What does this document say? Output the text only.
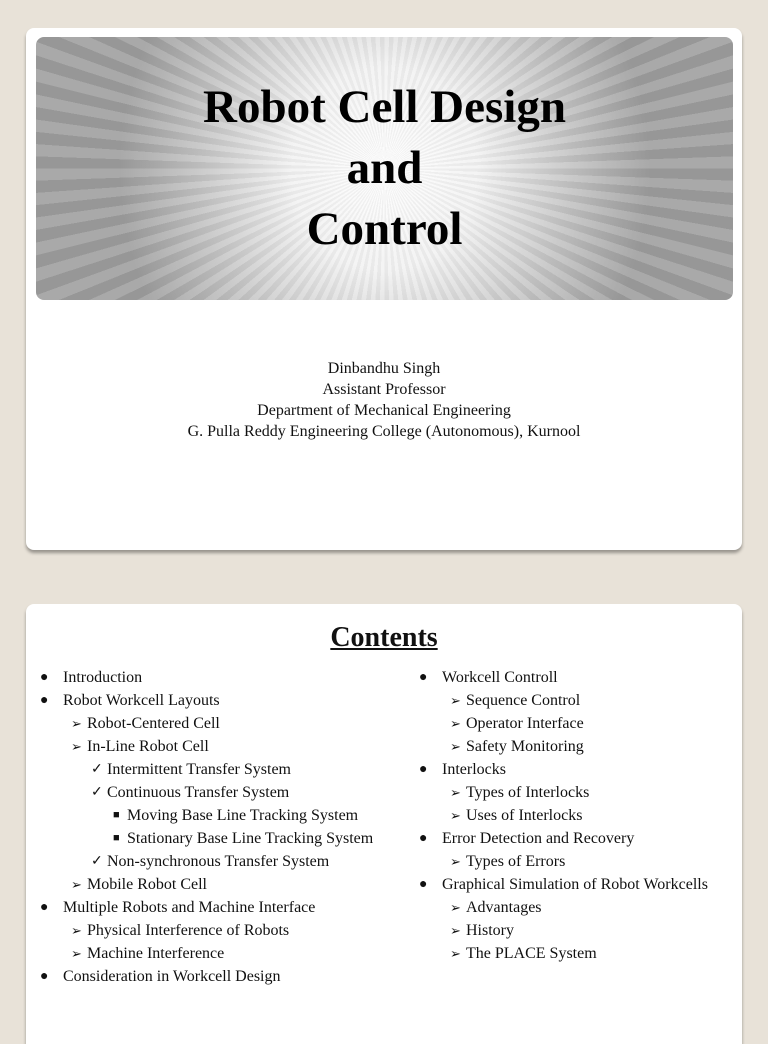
Robot Cell Design
and
Control
Dinbandhu Singh
Assistant Professor
Department of Mechanical Engineering
G. Pulla Reddy Engineering College (Autonomous), Kurnool
Contents
● Introduction
● Robot Workcell Layouts
➢ Robot-Centered Cell
➢ In-Line Robot Cell
✓ Intermittent Transfer System
✓ Continuous Transfer System
■ Moving Base Line Tracking System
■ Stationary Base Line Tracking System
✓ Non-synchronous Transfer System
➢ Mobile Robot Cell
● Multiple Robots and Machine Interface
➢ Physical Interference of Robots
➢ Machine Interference
● Consideration in Workcell Design
● Workcell Controll
➢ Sequence Control
➢ Operator Interface
➢ Safety Monitoring
● Interlocks
➢ Types of Interlocks
➢ Uses of Interlocks
● Error Detection and Recovery
➢ Types of Errors
● Graphical Simulation of Robot Workcells
➢ Advantages
➢ History
➢ The PLACE System
